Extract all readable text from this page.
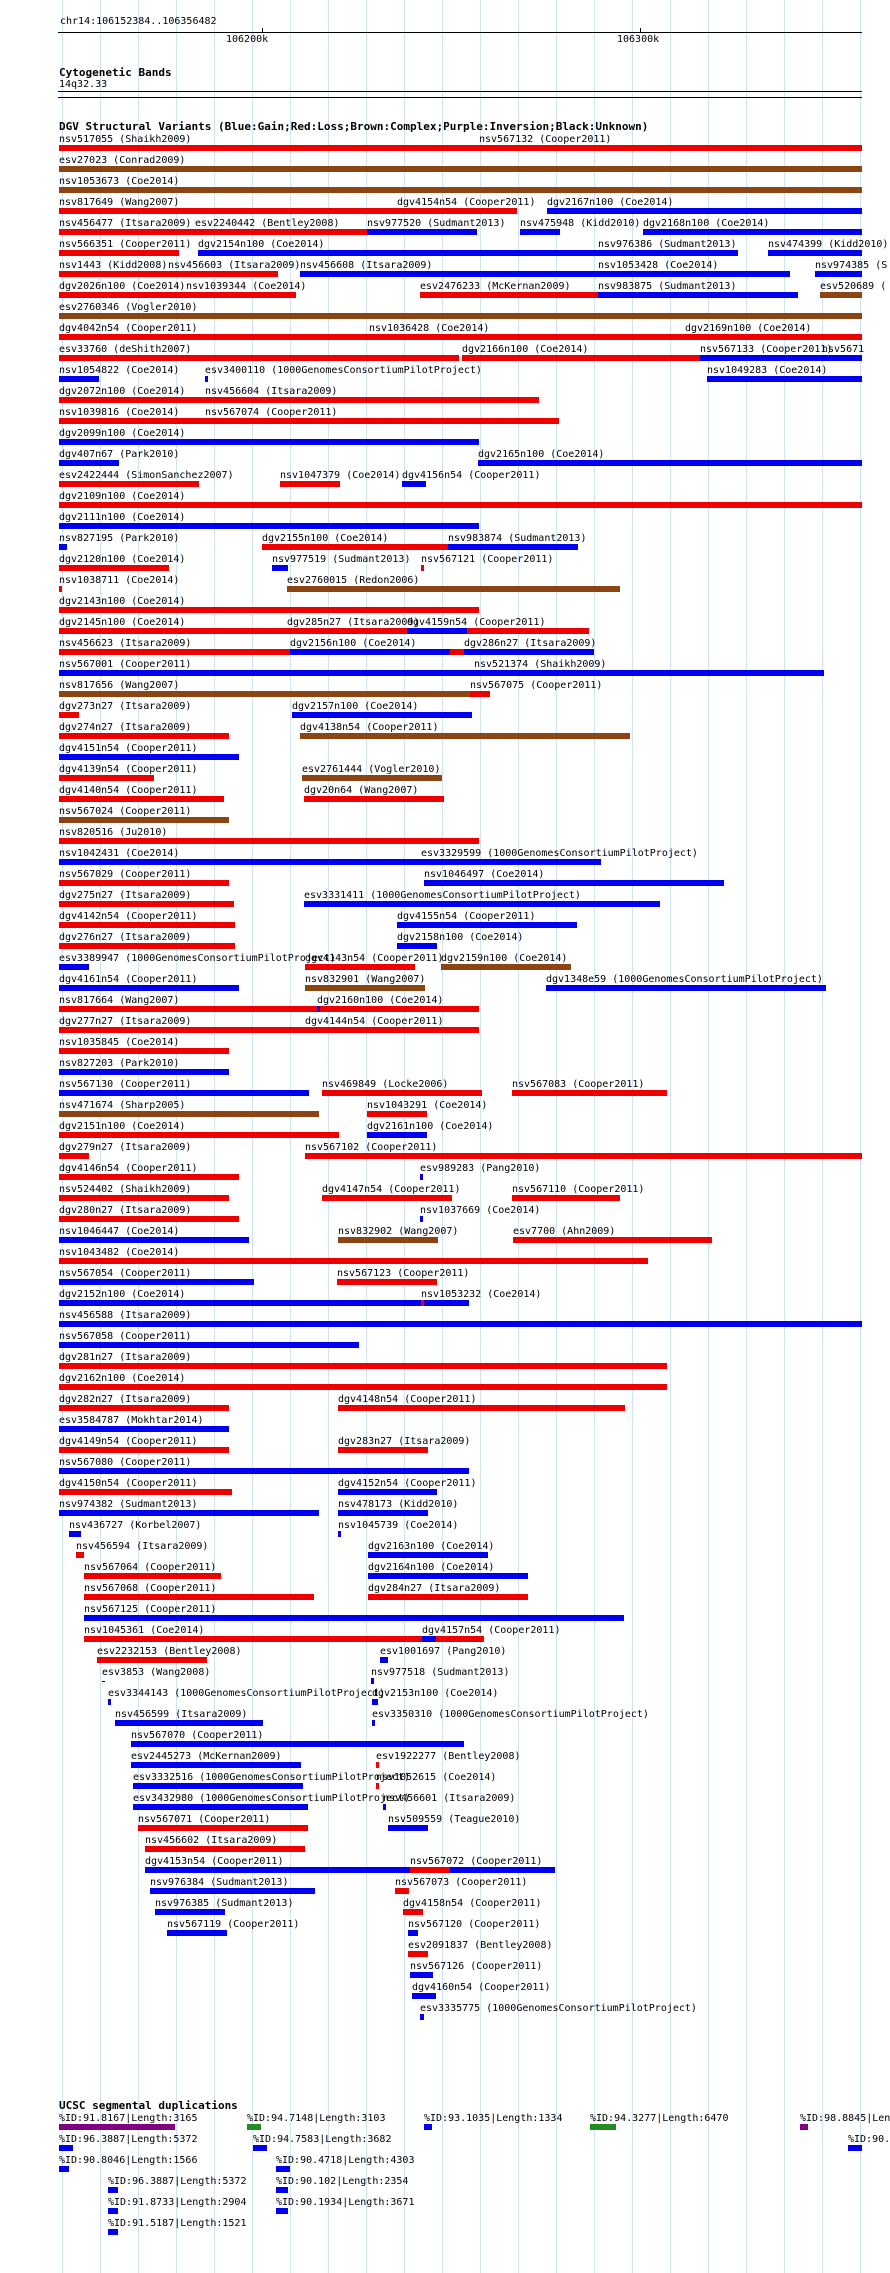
chr14:106152384..106356482
106200k	106300k
Cytogenetic Bands
14q32.33
DGV Structural Variants (Blue:Gain;Red:Loss;Brown:Complex;Purple:Inversion;Black:Unknown)
nsv517055 (Shaikh2009)	nsv567132 (Cooper2011)
esv27023 (Conrad2009)
nsv1053673 (Coe2014)
nsv817649 (Wang2007)	dgv4154n54 (Cooper2011) dgv2167n100 (Coe2014)
nsv456477 (Itsara2009) esv2240442 (Bentley2008)	nsv977520 (Sudmant2013) nsv475948 (Kidd2010) dgv2168n100 (Coe2014)
nsv566351 (Cooper2011) dgv2154n100 (Coe2014)	nsv976386 (Sudmant2013)	nsv474399 (Kidd2010)
nsv1443 (Kidd2008) nsv456603 (Itsara2009) nsv456608 (Itsara2009)	nsv1053428 (Coe2014)	nsv974385 (S
dgv2026n100 (Coe2014) nsv1039344 (Coe2014)	esv2476233 (McKernan2009)	nsv983875 (Sudmant2013)	esv520689 (
esv2760346 (Vogler2010)
dgv4042n54 (Cooper2011)	nsv1036428 (Coe2014)	dgv2169n100 (Coe2014)
esv33760 (deShith2007)	dgv2166n100 (Coe2014)	nsv567133 (Cooper2011)
nsv5671
nsv1054822 (Coe2014)	esv3400110 (1000GenomesConsortiumPilotProject)	nsv1049283 (Coe2014)
dgv2072n100 (Coe2014) nsv456604 (Itsara2009)
nsv1039816 (Coe2014)	nsv567074 (Cooper2011)
dgv2099n100 (Coe2014)
dgv407n67 (Park2010)	dgv2165n100 (Coe2014)
esv2422444 (SimonSanchez2007)	nsv1047379 (Coe2014) dgv4156n54 (Cooper2011)
dgv2109n100 (Coe2014)
dgv2111n100 (Coe2014)
nsv827195 (Park2010)	dgv2155n100 (Coe2014)	nsv983874 (Sudmant2013)
dgv2120n100 (Coe2014)	nsv977519 (Sudmant2013) nsv567121 (Cooper2011)
nsv1038711 (Coe2014)	esv2760015 (Redon2006)
dgv2143n100 (Coe2014)
dgv2145n100 (Coe2014)	dgv285n27 (Itsara2009)
dgv4159n54 (Cooper2011)
nsv456623 (Itsara2009)	dgv2156n100 (Coe2014)	dgv286n27 (Itsara2009)
nsv567001 (Cooper2011)	nsv521374 (Shaikh2009)
nsv817656 (Wang2007)	nsv567075 (Cooper2011)
dgv273n27 (Itsara2009)	dgv2157n100 (Coe2014)
dgv274n27 (Itsara2009)	dgv4138n54 (Cooper2011)
dgv4151n54 (Cooper2011)
dgv4139n54 (Cooper2011)	esv2761444 (Vogler2010)
dgv4140n54 (Cooper2011)	dgv20n64 (Wang2007)
nsv567024 (Cooper2011)
nsv820516 (Ju2010)
nsv1042431 (Coe2014)	esv3329599 (1000GenomesConsortiumPilotProject)
nsv567029 (Cooper2011)	nsv1046497 (Coe2014)
dgv275n27 (Itsara2009)	esv3331411 (1000GenomesConsortiumPilotProject)
dgv4142n54 (Cooper2011)	dgv4155n54 (Cooper2011)
dgv276n27 (Itsara2009)	dgv2158n100 (Coe2014)
esv3389947 (1000GenomesConsortiumPilotProject)
dgv4143n54 (Cooper2011)
dgv2159n100 (Coe2014)
dgv4161n54 (Cooper2011)	nsv832901 (Wang2007)	dgv1348e59 (1000GenomesConsortiumPilotProject)
nsv817664 (Wang2007)	dgv2160n100 (Coe2014)
dgv277n27 (Itsara2009)	dgv4144n54 (Cooper2011)
nsv1035845 (Coe2014)
nsv827203 (Park2010)
nsv567130 (Cooper2011)	nsv469849 (Locke2006)	nsv567083 (Cooper2011)
nsv471674 (Sharp2005)	nsv1043291 (Coe2014)
dgv2151n100 (Coe2014)	dgv2161n100 (Coe2014)
dgv279n27 (Itsara2009)	nsv567102 (Cooper2011)
dgv4146n54 (Cooper2011)	esv989283 (Pang2010)
nsv524402 (Shaikh2009)	dgv4147n54 (Cooper2011)	nsv567110 (Cooper2011)
dgv280n27 (Itsara2009)	nsv1037669 (Coe2014)
nsv1046447 (Coe2014)	nsv832902 (Wang2007)	esv7700 (Ahn2009)
nsv1043482 (Coe2014)
nsv567054 (Cooper2011)	nsv567123 (Cooper2011)
dgv2152n100 (Coe2014)	nsv1053232 (Coe2014)
nsv456588 (Itsara2009)
nsv567058 (Cooper2011)
dgv281n27 (Itsara2009)
dgv2162n100 (Coe2014)
dgv282n27 (Itsara2009)	dgv4148n54 (Cooper2011)
esv3584787 (Mokhtar2014)
dgv4149n54 (Cooper2011)	dgv283n27 (Itsara2009)
nsv567080 (Cooper2011)
dgv4150n54 (Cooper2011)	dgv4152n54 (Cooper2011)
nsv974382 (Sudmant2013)	nsv478173 (Kidd2010)
nsv436727 (Korbel2007)	nsv1045739 (Coe2014)
nsv456594 (Itsara2009)	dgv2163n100 (Coe2014)
nsv567064 (Cooper2011)	dgv2164n100 (Coe2014)
nsv567068 (Cooper2011)	dgv284n27 (Itsara2009)
nsv567125 (Cooper2011)
nsv1045361 (Coe2014)	dgv4157n54 (Cooper2011)
esv2232153 (Bentley2008)	esv1001697 (Pang2010)
esv3853 (Wang2008)	nsv977518 (Sudmant2013)
esv3344143 (1000GenomesConsortiumPilotProject)
dgv2153n100 (Coe2014)
nsv456599 (Itsara2009)	esv3350310 (1000GenomesConsortiumPilotProject)
nsv567070 (Cooper2011)
esv2445273 (McKernan2009)	esv1922277 (Bentley2008)
esv3332516 (1000GenomesConsortiumPilotProject)
nsv1052615 (Coe2014)
esv3432980 (1000GenomesConsortiumPilotProject)
nsv456601 (Itsara2009)
nsv567071 (Cooper2011)	nsv509559 (Teague2010)
nsv456602 (Itsara2009)
dgv4153n54 (Cooper2011)	nsv567072 (Cooper2011)
nsv976384 (Sudmant2013)	nsv567073 (Cooper2011)
nsv976385 (Sudmant2013)	dgv4158n54 (Cooper2011)
nsv567119 (Cooper2011)	nsv567120 (Cooper2011)
esv2091837 (Bentley2008)
nsv567126 (Cooper2011)
dgv4160n54 (Cooper2011)
esv3335775 (1000GenomesConsortiumPilotProject)
UCSC segmental duplications
%ID:91.8167|Length:3165	%ID:94.7148|Length:3103	%ID:93.1035|Length:1334	%ID:94.3277|Length:6470	%ID:98.8845|Len
%ID:96.3887|Length:5372	%ID:94.7583|Length:3682	%ID:90.
%ID:90.8046|Length:1566	%ID:90.4718|Length:4303
%ID:96.3887|Length:5372	%ID:90.102|Length:2354
%ID:91.8733|Length:2904	%ID:90.1934|Length:3671
%ID:91.5187|Length:1521
